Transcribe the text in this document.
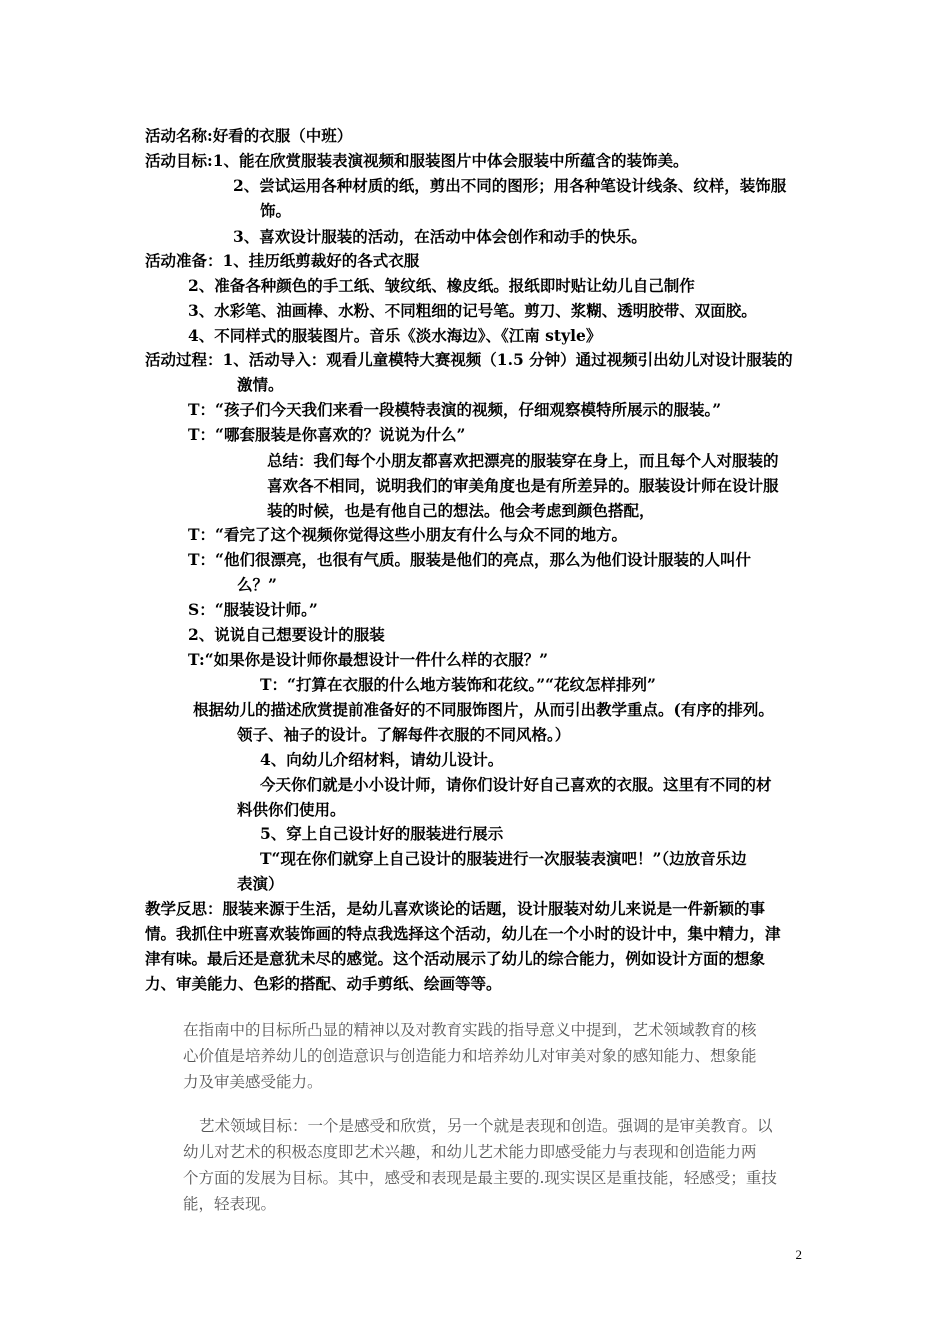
活动名称:好看的衣服（中班）
活动目标:1、能在欣赏服装表演视频和服装图片中体会服装中所蕴含的装饰美。
2、尝试运用各种材质的纸，剪出不同的图形；用各种笔设计线条、纹样，装饰服
饰。
3、喜欢设计服装的活动，在活动中体会创作和动手的快乐。
活动准备：1、挂历纸剪裁好的各式衣服
2、准备各种颜色的手工纸、皱纹纸、橡皮纸。报纸即时贴让幼儿自己制作
3、水彩笔、油画棒、水粉、不同粗细的记号笔。剪刀、浆糊、透明胶带、双面胶。
4、不同样式的服装图片。音乐《淡水海边》、《江南 style》
活动过程：1、活动导入：观看儿童模特大赛视频（1.5 分钟）通过视频引出幼儿对设计服装的
激情。
T：“孩子们今天我们来看一段模特表演的视频，仔细观察模特所展示的服装。”
T：“哪套服装是你喜欢的？说说为什么”
总结：我们每个小朋友都喜欢把漂亮的服装穿在身上，而且每个人对服装的
喜欢各不相同，说明我们的审美角度也是有所差异的。服装设计师在设计服
装的时候，也是有他自己的想法。他会考虑到颜色搭配，
T：“看完了这个视频你觉得这些小朋友有什么与众不同的地方。
T：“他们很漂亮，也很有气质。服装是他们的亮点，那么为他们设计服装的人叫什
么？”
S：“服装设计师。”
2、说说自己想要设计的服装
T:“如果你是设计师你最想设计一件什么样的衣服？”
T：“打算在衣服的什么地方装饰和花纹。”“花纹怎样排列”
根据幼儿的描述欣赏提前准备好的不同服饰图片，从而引出教学重点。(有序的排列。
领子、袖子的设计。了解每件衣服的不同风格。）
4、向幼儿介绍材料，请幼儿设计。
今天你们就是小小设计师，请你们设计好自己喜欢的衣服。这里有不同的材
料供你们使用。
5、穿上自己设计好的服装进行展示
T“现在你们就穿上自己设计的服装进行一次服装表演吧！”（边放音乐边
表演）
教学反思：服装来源于生活，是幼儿喜欢谈论的话题，设计服装对幼儿来说是一件新颖的事
情。我抓住中班喜欢装饰画的特点我选择这个活动，幼儿在一个小时的设计中，集中精力，津
津有味。最后还是意犹未尽的感觉。这个活动展示了幼儿的综合能力，例如设计方面的想象
力、审美能力、色彩的搭配、动手剪纸、绘画等等。
在指南中的目标所凸显的精神以及对教育实践的指导意义中提到，艺术领域教育的核
心价值是培养幼儿的创造意识与创造能力和培养幼儿对审美对象的感知能力、想象能
力及审美感受能力。
艺术领域目标：一个是感受和欣赏，另一个就是表现和创造。强调的是审美教育。以
幼儿对艺术的积极态度即艺术兴趣，和幼儿艺术能力即感受能力与表现和创造能力两
个方面的发展为目标。其中，感受和表现是最主要的.现实误区是重技能，轻感受；重技
能，轻表现。
2
